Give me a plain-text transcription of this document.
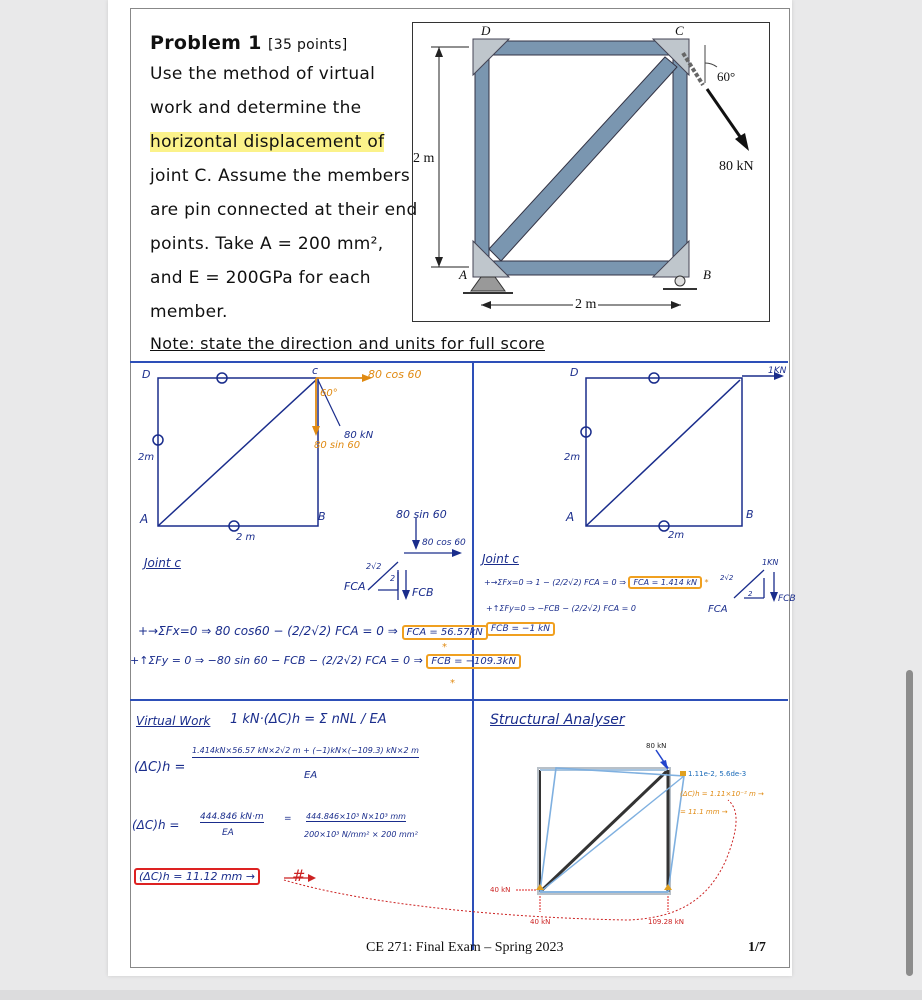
Problem 1 [35 points]
Use the method of virtual
work and determine the
horizontal displacement of
joint C. Assume the members
are pin connected at their end
points. Take A = 200 mm²,
and E = 200GPa for each
member.
Note: state the direction and units for full score
D	C
A	B
60°
80 kN
2 m
2 m
D	c
A	B
80 cos 60
60°
80 kN
80 sin 60
2m
2 m
D
A	B
1KN
2m
2m
Joint c
80 sin 60
80 cos 60
2√2
2
FCA	FCB
+→ΣFx=0 ⇒ 80 cos60 − (2/2√2) FCA = 0 ⇒ FCA = 56.57kN
*
+↑ΣFy = 0 ⇒ −80 sin 60 − FCB − (2/2√2) FCA = 0 ⇒ FCB = −109.3kN
*
Joint c	1KN
+→ΣFx=0 ⇒ 1 − (2/2√2) FCA = 0 ⇒ FCA = 1.414 kN *
+↑ΣFy=0 ⇒ −FCB − (2/2√2) FCA = 0
FCB = −1 kN
2√2
2
FCA
FCB
Virtual Work 1 kN·(ΔC)h = Σ nNL / EA
(ΔC)h =
1.414kN×56.57 kN×2√2 m + (−1)kN×(−109.3) kN×2 m
EA
(ΔC)h =
444.846 kN·m
EA
= 444.846×10³ N×10³ mm
200×10³ N/mm² × 200 mm²
(ΔC)h = 11.12 mm →	#
Structural Analyser
80 kN
1.11e-2, 5.6de-3
(ΔC)h = 1.11×10⁻² m →
= 11.1 mm →
40 kN
40 kN	109.28 kN
CE 271: Final Exam – Spring 2023	1/7
